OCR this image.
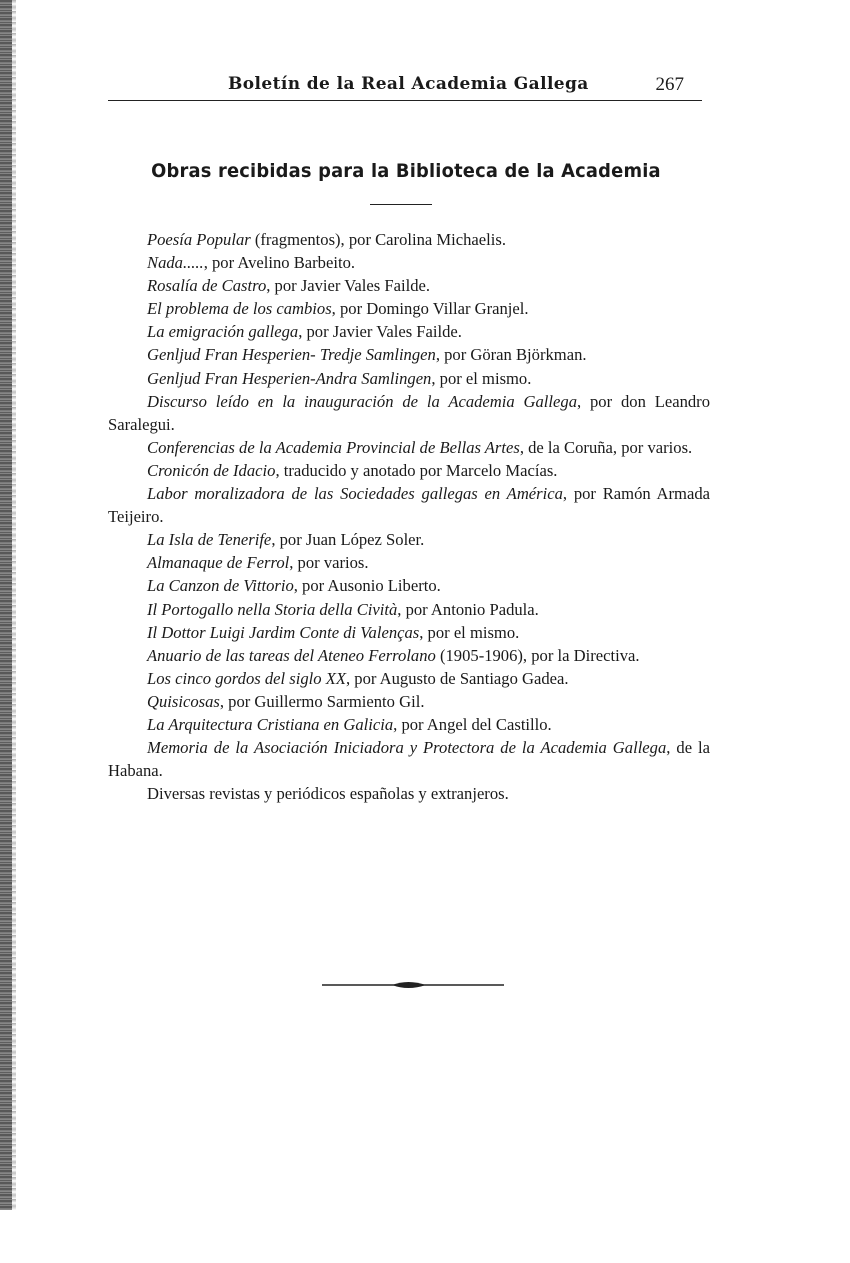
Boletín de la Real Academia Gallega	267
Obras recibidas para la Biblioteca de la Academia

Poesía Popular (fragmentos), por Carolina Michaelis.

Nada....., por Avelino Barbeito.

Rosalía de Castro, por Javier Vales Failde.

El problema de los cambios, por Domingo Villar Granjel.

La emigración gallega, por Javier Vales Failde.

Genljud Fran Hesperien- Tredje Samlingen, por Göran Björkman.

Genljud Fran Hesperien-Andra Samlingen, por el mismo.

Discurso leído en la inauguración de la Academia Gallega, por don Leandro Saralegui.

Conferencias de la Academia Provincial de Bellas Artes, de la Coruña, por varios.

Cronicón de Idacio, traducido y anotado por Marcelo Macías.

Labor moralizadora de las Sociedades gallegas en América, por Ramón Armada Teijeiro.

La Isla de Tenerife, por Juan López Soler.

Almanaque de Ferrol, por varios.

La Canzon de Vittorio, por Ausonio Liberto.

Il Portogallo nella Storia della Cività, por Antonio Padula.

Il Dottor Luigi Jardim Conte di Valenças, por el mismo.

Anuario de las tareas del Ateneo Ferrolano (1905-1906), por la Directiva.

Los cinco gordos del siglo XX, por Augusto de Santiago Gadea.

Quisicosas, por Guillermo Sarmiento Gil.

La Arquitectura Cristiana en Galicia, por Angel del Castillo.

Memoria de la Asociación Iniciadora y Protectora de la Academia Gallega, de la Habana.

Diversas revistas y periódicos españolas y extranjeros.
